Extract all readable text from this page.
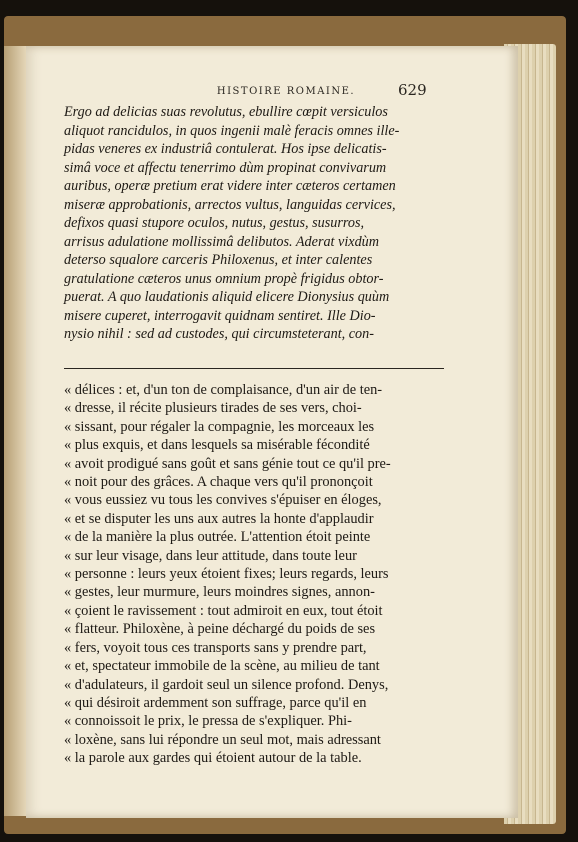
HISTOIRE ROMAINE.	629
Ergo ad delicias suas revolutus, ebullire cœpit versiculos
aliquot rancidulos, in quos ingenii malè feracis omnes ille-
pidas veneres ex industriâ contulerat. Hos ipse delicatis-
simâ voce et affectu tenerrimo dùm propinat convivarum
auribus, operæ pretium erat videre inter cæteros certamen
miseræ approbationis, arrectos vultus, languidas cervices,
defixos quasi stupore oculos, nutus, gestus, susurros,
arrisus adulatione mollissimâ delibutos. Aderat vixdùm
deterso squalore carceris Philoxenus, et inter calentes
gratulatione cæteros unus omnium propè frigidus obtor-
puerat. A quo laudationis aliquid elicere Dionysius quùm
misere cuperet, interrogavit quidnam sentiret. Ille Dio-
nysio nihil : sed ad custodes, qui circumsteterant, con-
« délices : et, d'un ton de complaisance, d'un air de ten-
« dresse, il récite plusieurs tirades de ses vers, choi-
« sissant, pour régaler la compagnie, les morceaux les
« plus exquis, et dans lesquels sa misérable fécondité
« avoit prodigué sans goût et sans génie tout ce qu'il pre-
« noit pour des grâces. A chaque vers qu'il prononçoit
« vous eussiez vu tous les convives s'épuiser en éloges,
« et se disputer les uns aux autres la honte d'applaudir
« de la manière la plus outrée. L'attention étoit peinte
« sur leur visage, dans leur attitude, dans toute leur
« personne : leurs yeux étoient fixes; leurs regards, leurs
« gestes, leur murmure, leurs moindres signes, annon-
« çoient le ravissement : tout admiroit en eux, tout étoit
« flatteur. Philoxène, à peine déchargé du poids de ses
« fers, voyoit tous ces transports sans y prendre part,
« et, spectateur immobile de la scène, au milieu de tant
« d'adulateurs, il gardoit seul un silence profond. Denys,
« qui désiroit ardemment son suffrage, parce qu'il en
« connoissoit le prix, le pressa de s'expliquer. Phi-
« loxène, sans lui répondre un seul mot, mais adressant
« la parole aux gardes qui étoient autour de la table.
